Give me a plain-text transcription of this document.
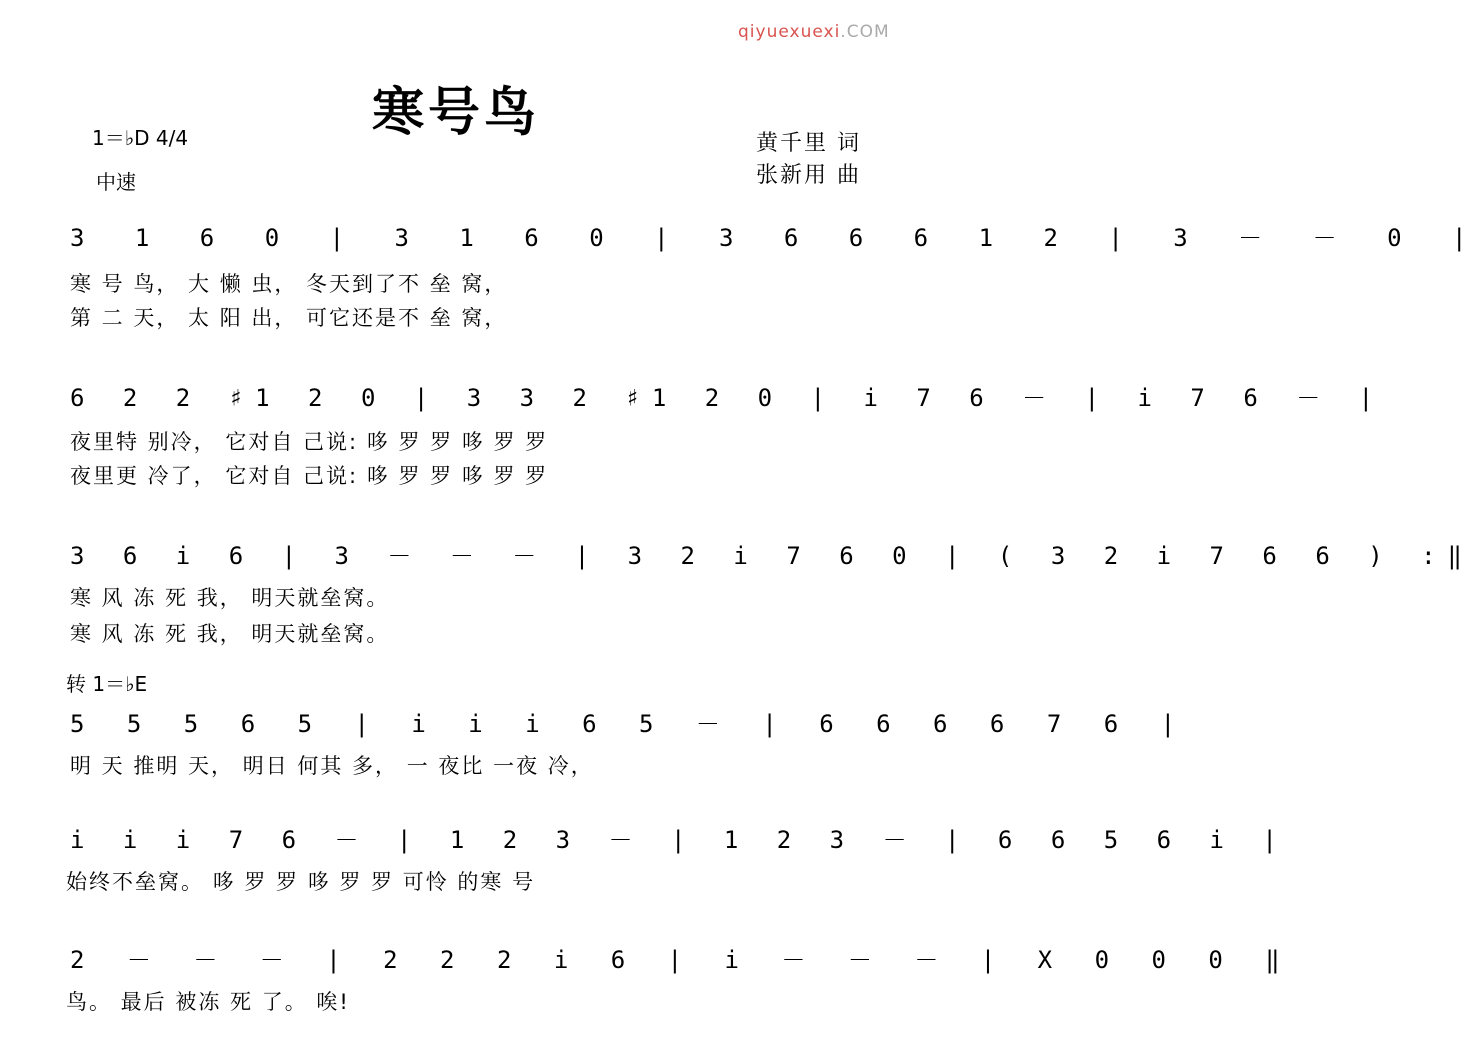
qiyuexuexi.COM
寒号鸟
1＝♭D 4/4
中速
黄千里 词
张新用 曲
3 1 6 0 | 3 1 6 0 | 3 6 6 6 1 2 | 3 － － 0 |
寒 号 鸟， 大 懒 虫， 冬天到了不 垒 窝，
第 二 天， 太 阳 出， 可它还是不 垒 窝，
6 2 2 ♯1 2 0 | 3 3 2 ♯1 2 0 | i 7 6 － | i 7 6 － |
夜里特 别冷， 它对自 己说: 哆 罗 罗 哆 罗 罗
夜里更 冷了， 它对自 己说: 哆 罗 罗 哆 罗 罗
3 6 i 6 | 3 － － － | 3 2 i 7 6 0 | ( 3 2 i 7 6 6 ) :‖
寒 风 冻 死 我， 明天就垒窝。
寒 风 冻 死 我， 明天就垒窝。
转 1＝♭E
5 5 5 6 5 | i i i 6 5 － | 6 6 6 6 7 6 |
明 天 推明 天， 明日 何其 多， 一 夜比 一夜 冷，
i i i 7 6 － | 1 2 3 － | 1 2 3 － | 6 6 5 6 i |
始终不垒窝。 哆 罗 罗 哆 罗 罗 可怜 的寒 号
2 － － － | 2 2 2 i 6 | i － － － | X 0 0 0 ‖
鸟。 最后 被冻 死 了。 唉!
